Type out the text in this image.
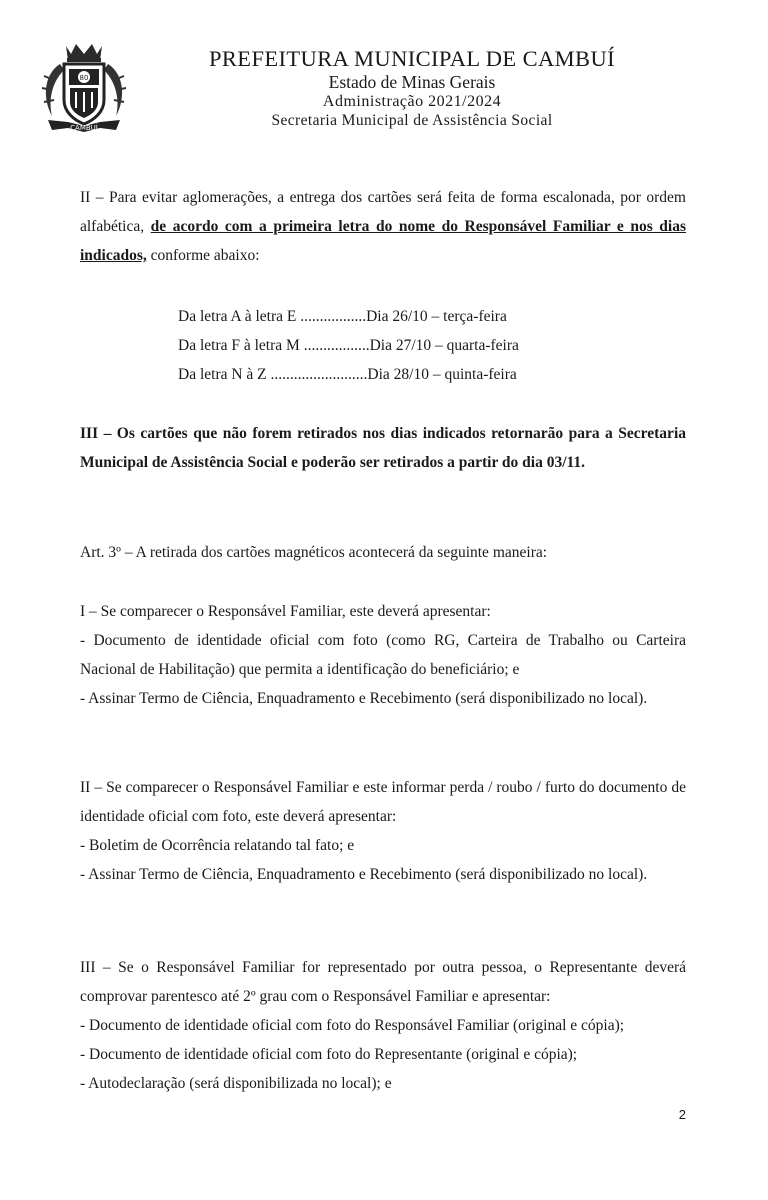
80
CAMBUÍ
PREFEITURA MUNICIPAL DE CAMBUÍ
Estado de Minas Gerais
Administração 2021/2024
Secretaria Municipal de Assistência Social

II – Para evitar aglomerações, a entrega dos cartões será feita de forma escalonada, por ordem alfabética, de acordo com a primeira letra do nome do Responsável Familiar e nos dias indicados, conforme abaixo:

Da letra A à letra E .................Dia 26/10 – terça-feira
Da letra F à letra M .................Dia 27/10 – quarta-feira
Da letra N à Z .........................Dia 28/10 – quinta-feira
III – Os cartões que não forem retirados nos dias indicados retornarão para a Secretaria Municipal de Assistência Social e poderão ser retirados a partir do dia 03/11.
Art. 3º – A retirada dos cartões magnéticos acontecerá da seguinte maneira:

I – Se comparecer o Responsável Familiar, este deverá apresentar:

- Documento de identidade oficial com foto (como RG, Carteira de Trabalho ou Carteira Nacional de Habilitação) que permita a identificação do beneficiário; e

- Assinar Termo de Ciência, Enquadramento e Recebimento (será disponibilizado no local).

II – Se comparecer o Responsável Familiar e este informar perda / roubo / furto do documento de identidade oficial com foto, este deverá apresentar:

- Boletim de Ocorrência relatando tal fato; e

- Assinar Termo de Ciência, Enquadramento e Recebimento (será disponibilizado no local).

III – Se o Responsável Familiar for representado por outra pessoa, o Representante deverá comprovar parentesco até 2º grau com o Responsável Familiar e apresentar:

- Documento de identidade oficial com foto do Responsável Familiar (original e cópia);

- Documento de identidade oficial com foto do Representante (original e cópia);

- Autodeclaração (será disponibilizada no local); e

2
